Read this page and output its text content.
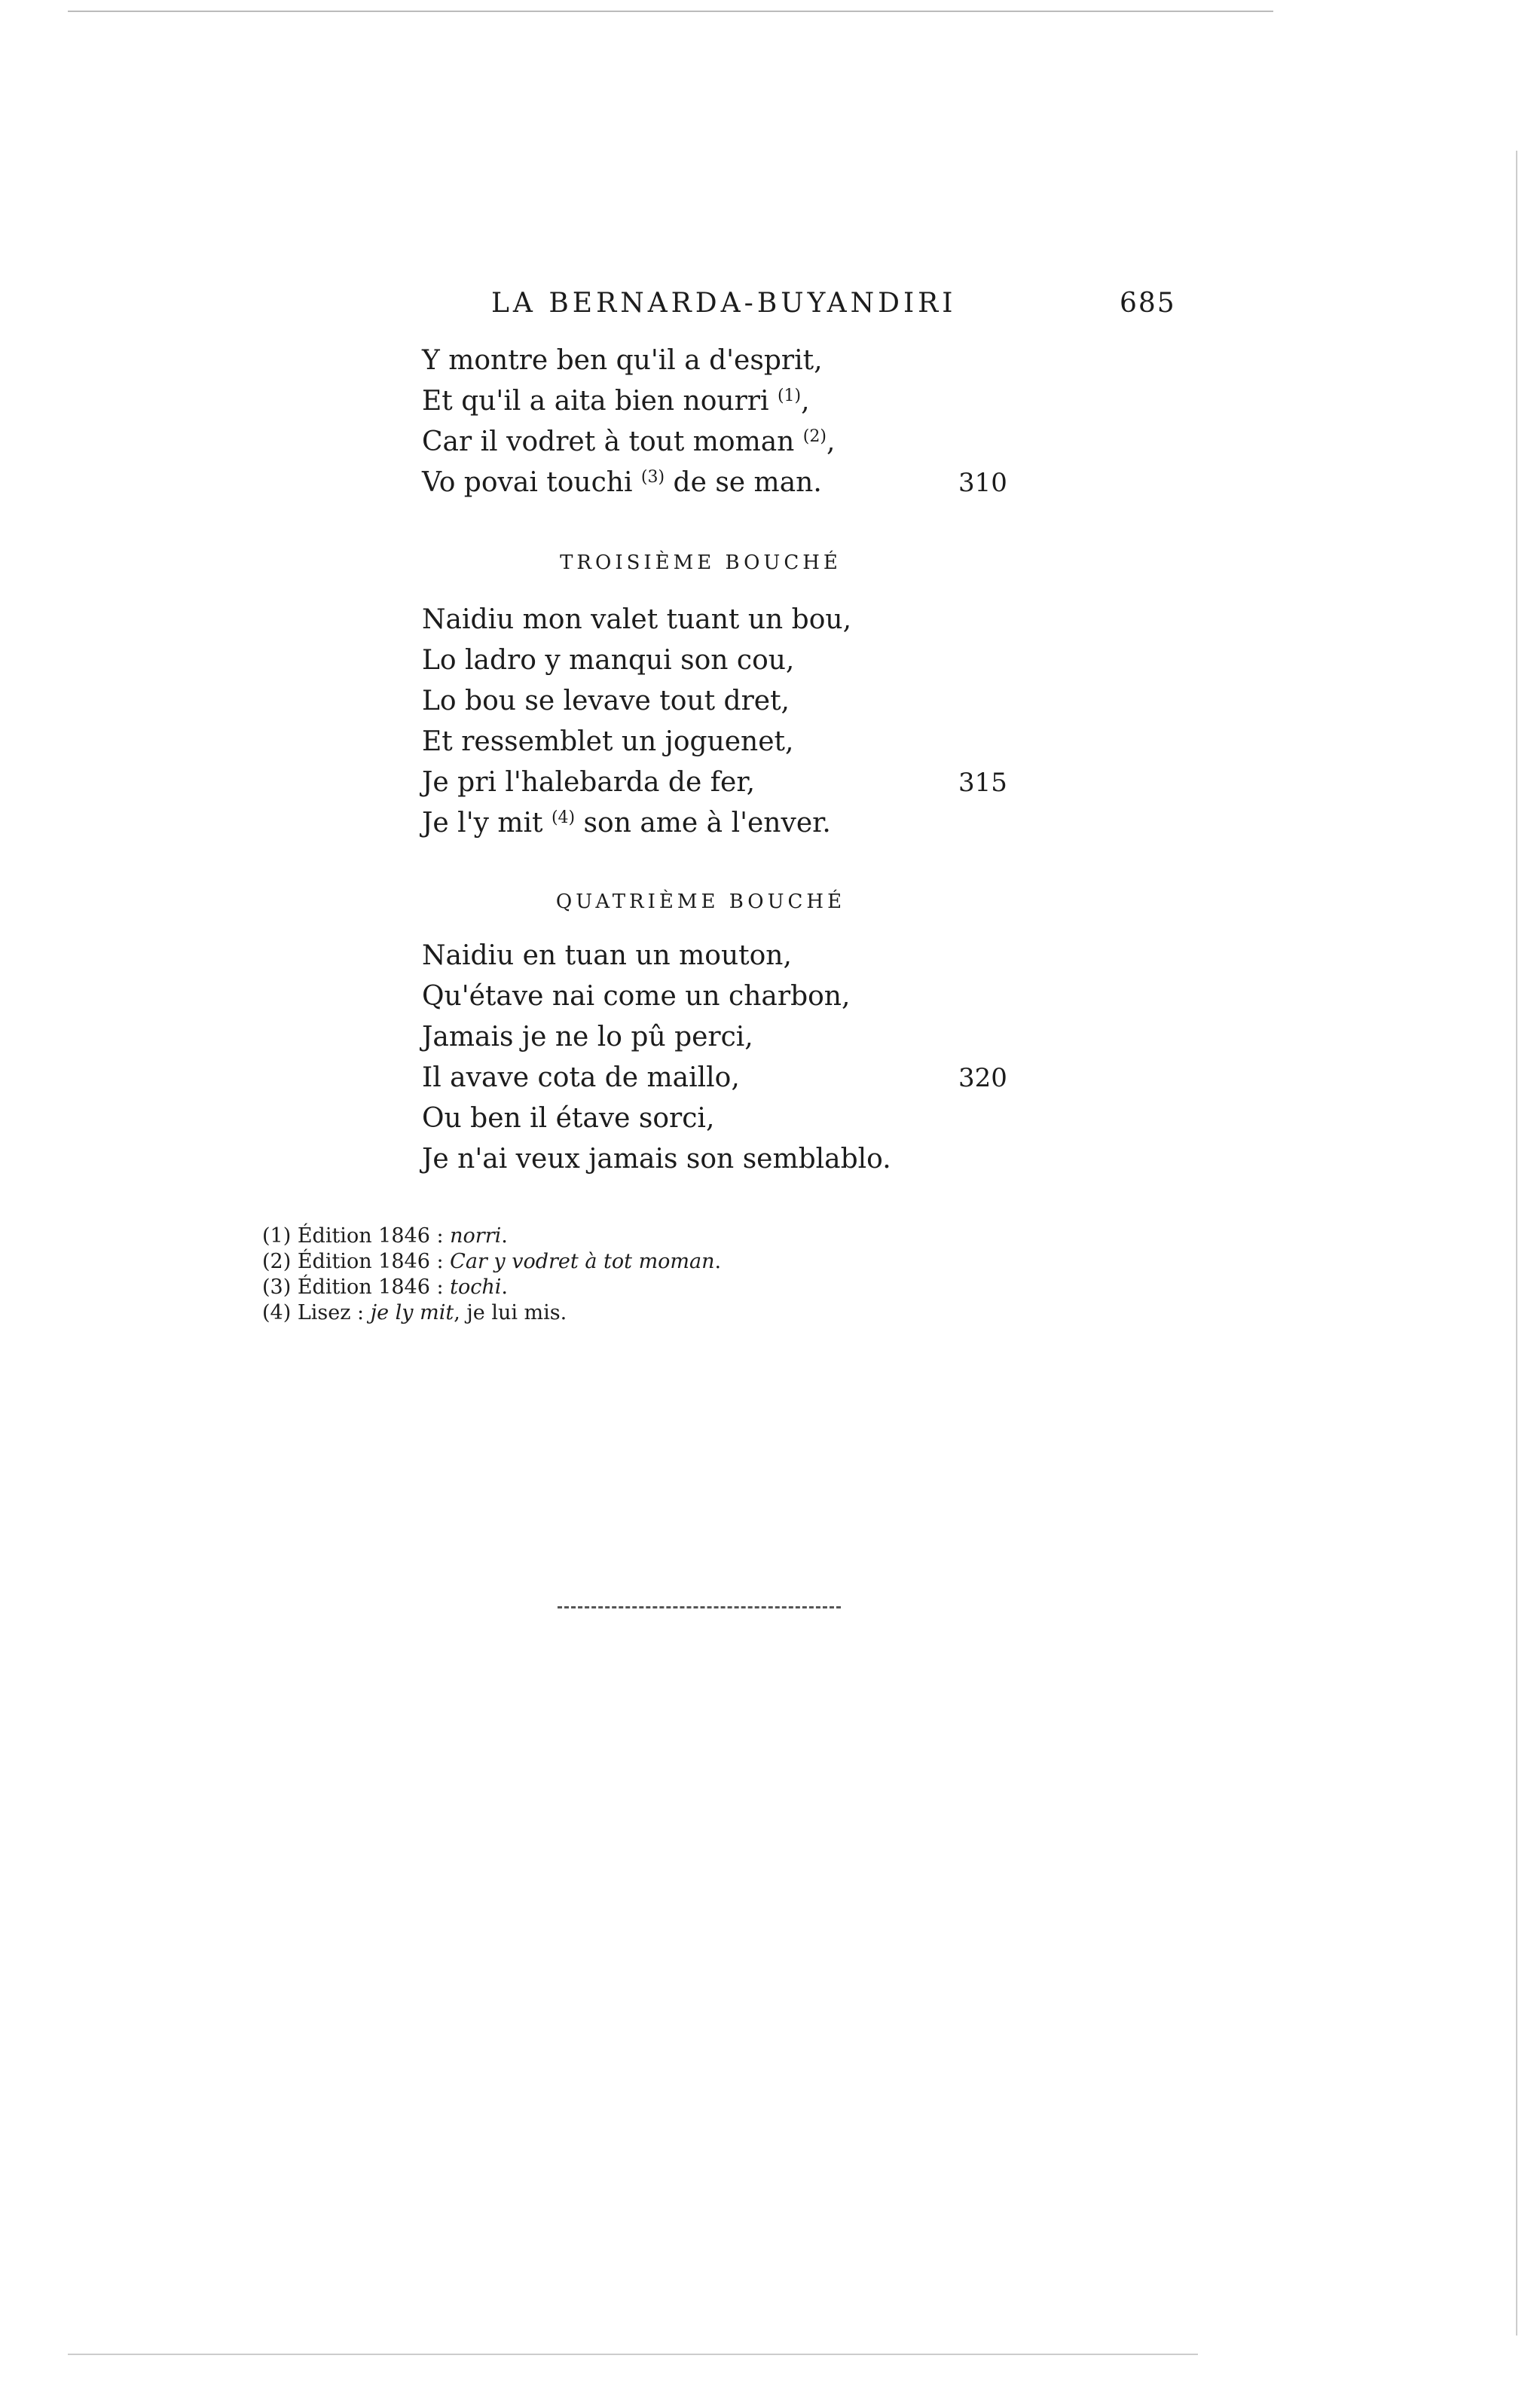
LA BERNARDA-BUYANDIRI	685
Y montre ben qu'il a d'esprit,
Et qu'il a aita bien nourri $^{(1)}$,
Car il vodret à tout moman $^{(2)}$,
Vo povai touchi $^{(3)}$ de se man.	310
TROISIÈME BOUCHÉ
Naidiu mon valet tuant un bou,
Lo ladro y manqui son cou,
Lo bou se levave tout dret,
Et ressemblet un joguenet,
Je pri l'halebarda de fer,	315
Je l'y mit $^{(4)}$ son ame à l'enver.
QUATRIÈME BOUCHÉ
Naidiu en tuan un mouton,
Qu'étave nai come un charbon,
Jamais je ne lo pû perci,
Il avave cota de maillo,	320
Ou ben il étave sorci,
Je n'ai veux jamais son semblablo.
(1) Édition 1846 : norri.
(2) Édition 1846 : Car y vodret à tot moman.
(3) Édition 1846 : tochi.
(4) Lisez : je ly mit, je lui mis.
